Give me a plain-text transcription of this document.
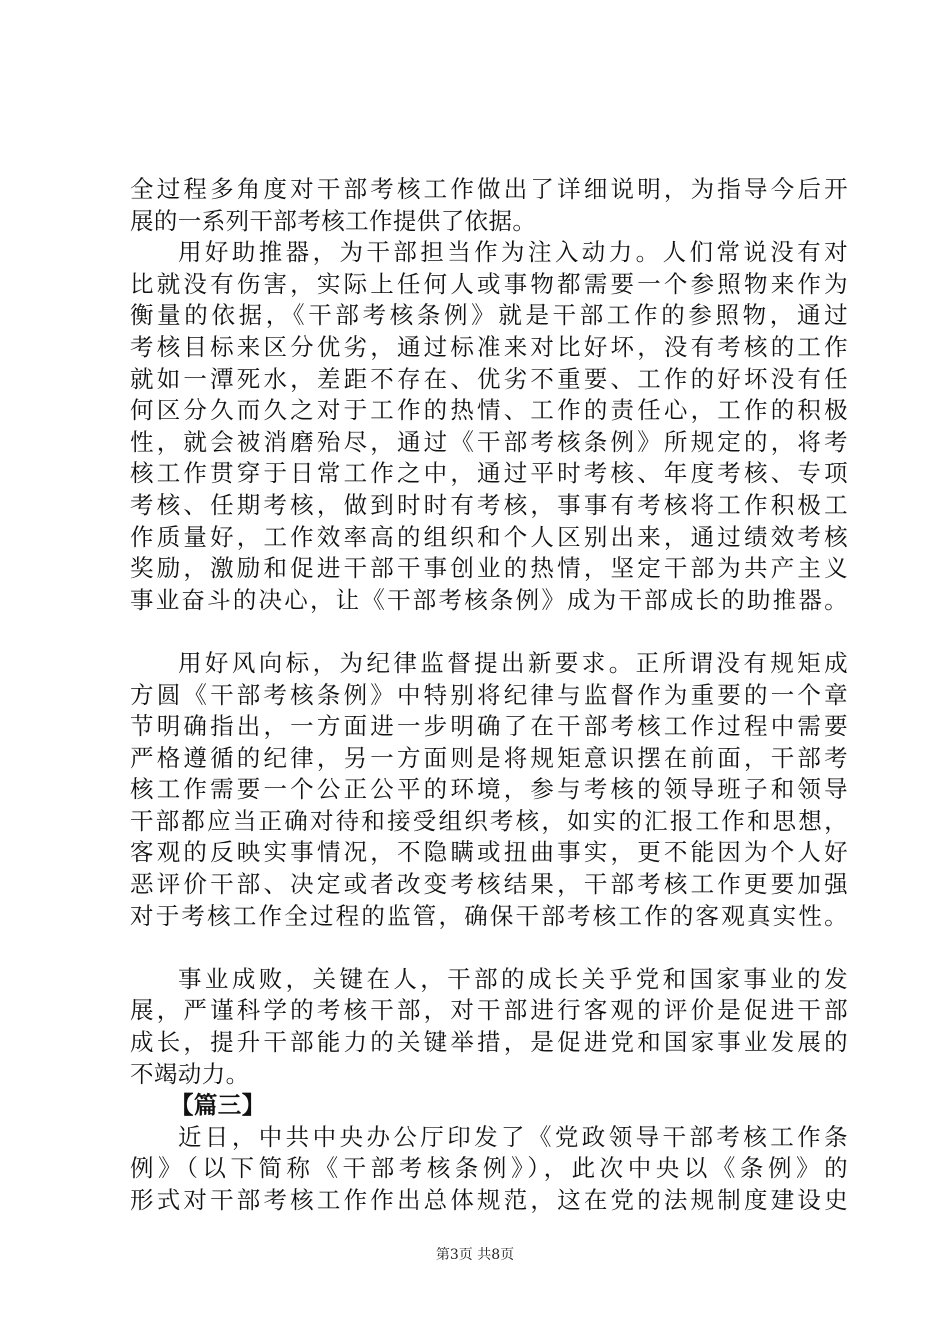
全过程多角度对干部考核工作做出了详细说明，为指导今后开
展的一系列干部考核工作提供了依据。
用好助推器，为干部担当作为注入动力。人们常说没有对
比就没有伤害，实际上任何人或事物都需要一个参照物来作为
衡量的依据，《干部考核条例》就是干部工作的参照物，通过
考核目标来区分优劣，通过标准来对比好坏，没有考核的工作
就如一潭死水，差距不存在、优劣不重要、工作的好坏没有任
何区分久而久之对于工作的热情、工作的责任心，工作的积极
性，就会被消磨殆尽，通过《干部考核条例》所规定的，将考
核工作贯穿于日常工作之中，通过平时考核、年度考核、专项
考核、任期考核，做到时时有考核，事事有考核将工作积极工
作质量好，工作效率高的组织和个人区别出来，通过绩效考核
奖励，激励和促进干部干事创业的热情，坚定干部为共产主义
事业奋斗的决心，让《干部考核条例》成为干部成长的助推器。
用好风向标，为纪律监督提出新要求。正所谓没有规矩成
方圆《干部考核条例》中特别将纪律与监督作为重要的一个章
节明确指出，一方面进一步明确了在干部考核工作过程中需要
严格遵循的纪律，另一方面则是将规矩意识摆在前面，干部考
核工作需要一个公正公平的环境，参与考核的领导班子和领导
干部都应当正确对待和接受组织考核，如实的汇报工作和思想，
客观的反映实事情况，不隐瞒或扭曲事实，更不能因为个人好
恶评价干部、决定或者改变考核结果，干部考核工作更要加强
对于考核工作全过程的监管，确保干部考核工作的客观真实性。
事业成败，关键在人，干部的成长关乎党和国家事业的发
展，严谨科学的考核干部，对干部进行客观的评价是促进干部
成长，提升干部能力的关键举措，是促进党和国家事业发展的
不竭动力。
【篇三】
近日，中共中央办公厅印发了《党政领导干部考核工作条
例》（以下简称《干部考核条例》），此次中央以《条例》的
形式对干部考核工作作出总体规范，这在党的法规制度建设史
第3页 共8页
